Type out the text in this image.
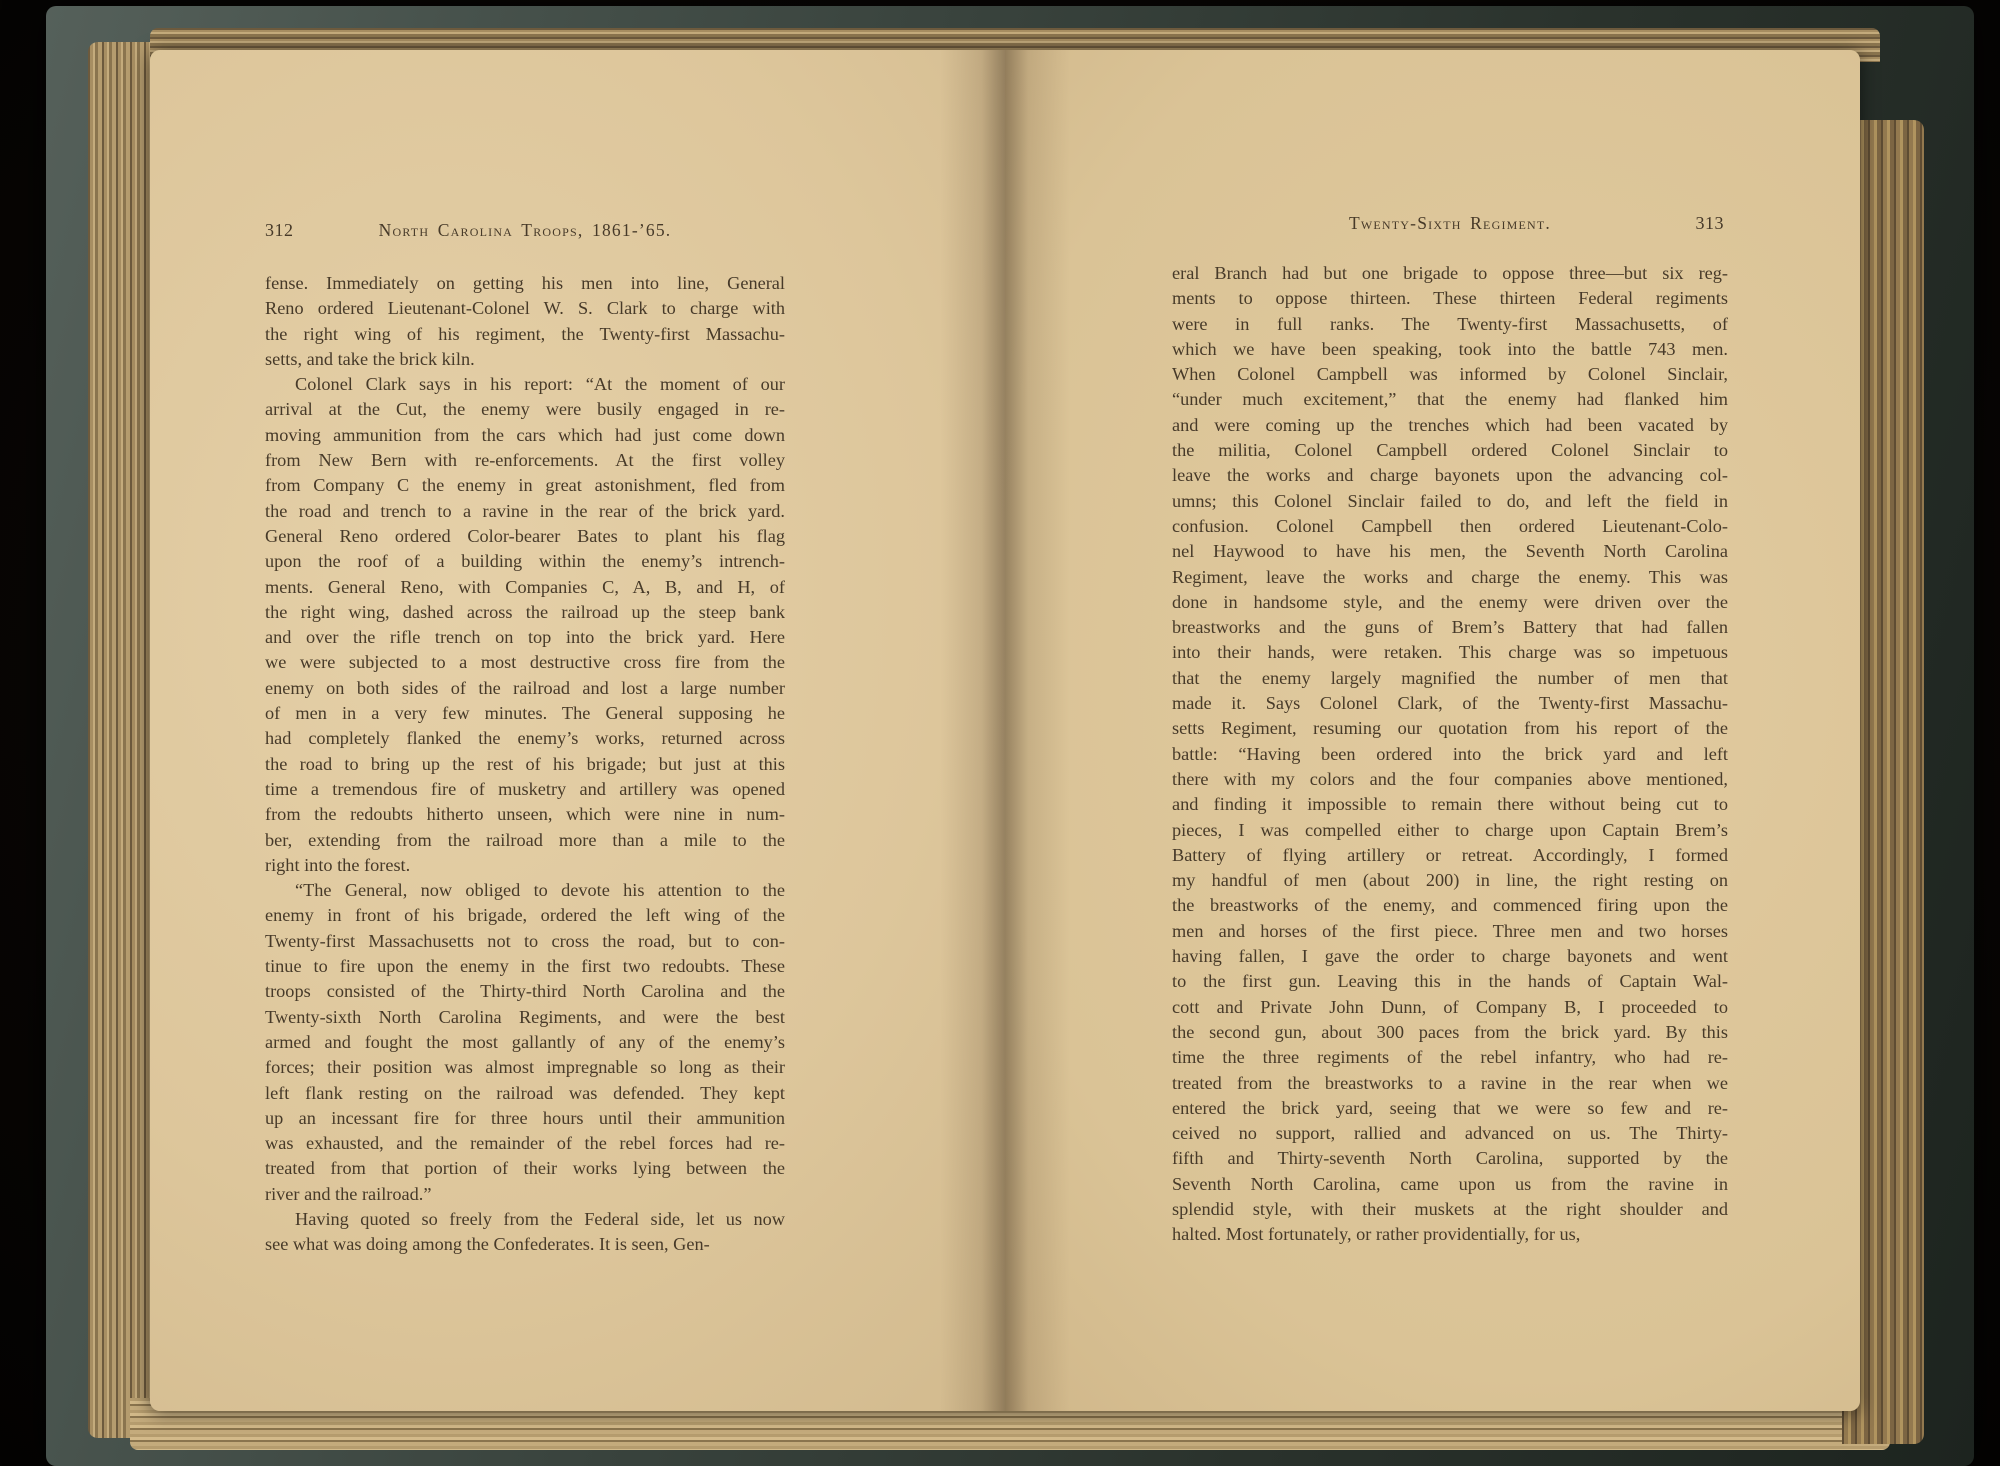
312	North Carolina Troops, 1861-’65.
fense. Immediately on getting his men into line, General
Reno ordered Lieutenant-Colonel W. S. Clark to charge with
the right wing of his regiment, the Twenty-first Massachu-
setts, and take the brick kiln.
Colonel Clark says in his report: “At the moment of our
arrival at the Cut, the enemy were busily engaged in re-
moving ammunition from the cars which had just come down
from New Bern with re-enforcements. At the first volley
from Company C the enemy in great astonishment, fled from
the road and trench to a ravine in the rear of the brick yard.
General Reno ordered Color-bearer Bates to plant his flag
upon the roof of a building within the enemy’s intrench-
ments. General Reno, with Companies C, A, B, and H, of
the right wing, dashed across the railroad up the steep bank
and over the rifle trench on top into the brick yard. Here
we were subjected to a most destructive cross fire from the
enemy on both sides of the railroad and lost a large number
of men in a very few minutes. The General supposing he
had completely flanked the enemy’s works, returned across
the road to bring up the rest of his brigade; but just at this
time a tremendous fire of musketry and artillery was opened
from the redoubts hitherto unseen, which were nine in num-
ber, extending from the railroad more than a mile to the
right into the forest.
“The General, now obliged to devote his attention to the
enemy in front of his brigade, ordered the left wing of the
Twenty-first Massachusetts not to cross the road, but to con-
tinue to fire upon the enemy in the first two redoubts. These
troops consisted of the Thirty-third North Carolina and the
Twenty-sixth North Carolina Regiments, and were the best
armed and fought the most gallantly of any of the enemy’s
forces; their position was almost impregnable so long as their
left flank resting on the railroad was defended. They kept
up an incessant fire for three hours until their ammunition
was exhausted, and the remainder of the rebel forces had re-
treated from that portion of their works lying between the
river and the railroad.”
Having quoted so freely from the Federal side, let us now
see what was doing among the Confederates. It is seen, Gen-
Twenty-Sixth Regiment.	313
eral Branch had but one brigade to oppose three—but six reg-
ments to oppose thirteen. These thirteen Federal regiments
were in full ranks. The Twenty-first Massachusetts, of
which we have been speaking, took into the battle 743 men.
When Colonel Campbell was informed by Colonel Sinclair,
“under much excitement,” that the enemy had flanked him
and were coming up the trenches which had been vacated by
the militia, Colonel Campbell ordered Colonel Sinclair to
leave the works and charge bayonets upon the advancing col-
umns; this Colonel Sinclair failed to do, and left the field in
confusion. Colonel Campbell then ordered Lieutenant-Colo-
nel Haywood to have his men, the Seventh North Carolina
Regiment, leave the works and charge the enemy. This was
done in handsome style, and the enemy were driven over the
breastworks and the guns of Brem’s Battery that had fallen
into their hands, were retaken. This charge was so impetuous
that the enemy largely magnified the number of men that
made it. Says Colonel Clark, of the Twenty-first Massachu-
setts Regiment, resuming our quotation from his report of the
battle: “Having been ordered into the brick yard and left
there with my colors and the four companies above mentioned,
and finding it impossible to remain there without being cut to
pieces, I was compelled either to charge upon Captain Brem’s
Battery of flying artillery or retreat. Accordingly, I formed
my handful of men (about 200) in line, the right resting on
the breastworks of the enemy, and commenced firing upon the
men and horses of the first piece. Three men and two horses
having fallen, I gave the order to charge bayonets and went
to the first gun. Leaving this in the hands of Captain Wal-
cott and Private John Dunn, of Company B, I proceeded to
the second gun, about 300 paces from the brick yard. By this
time the three regiments of the rebel infantry, who had re-
treated from the breastworks to a ravine in the rear when we
entered the brick yard, seeing that we were so few and re-
ceived no support, rallied and advanced on us. The Thirty-
fifth and Thirty-seventh North Carolina, supported by the
Seventh North Carolina, came upon us from the ravine in
splendid style, with their muskets at the right shoulder and
halted. Most fortunately, or rather providentially, for us,
